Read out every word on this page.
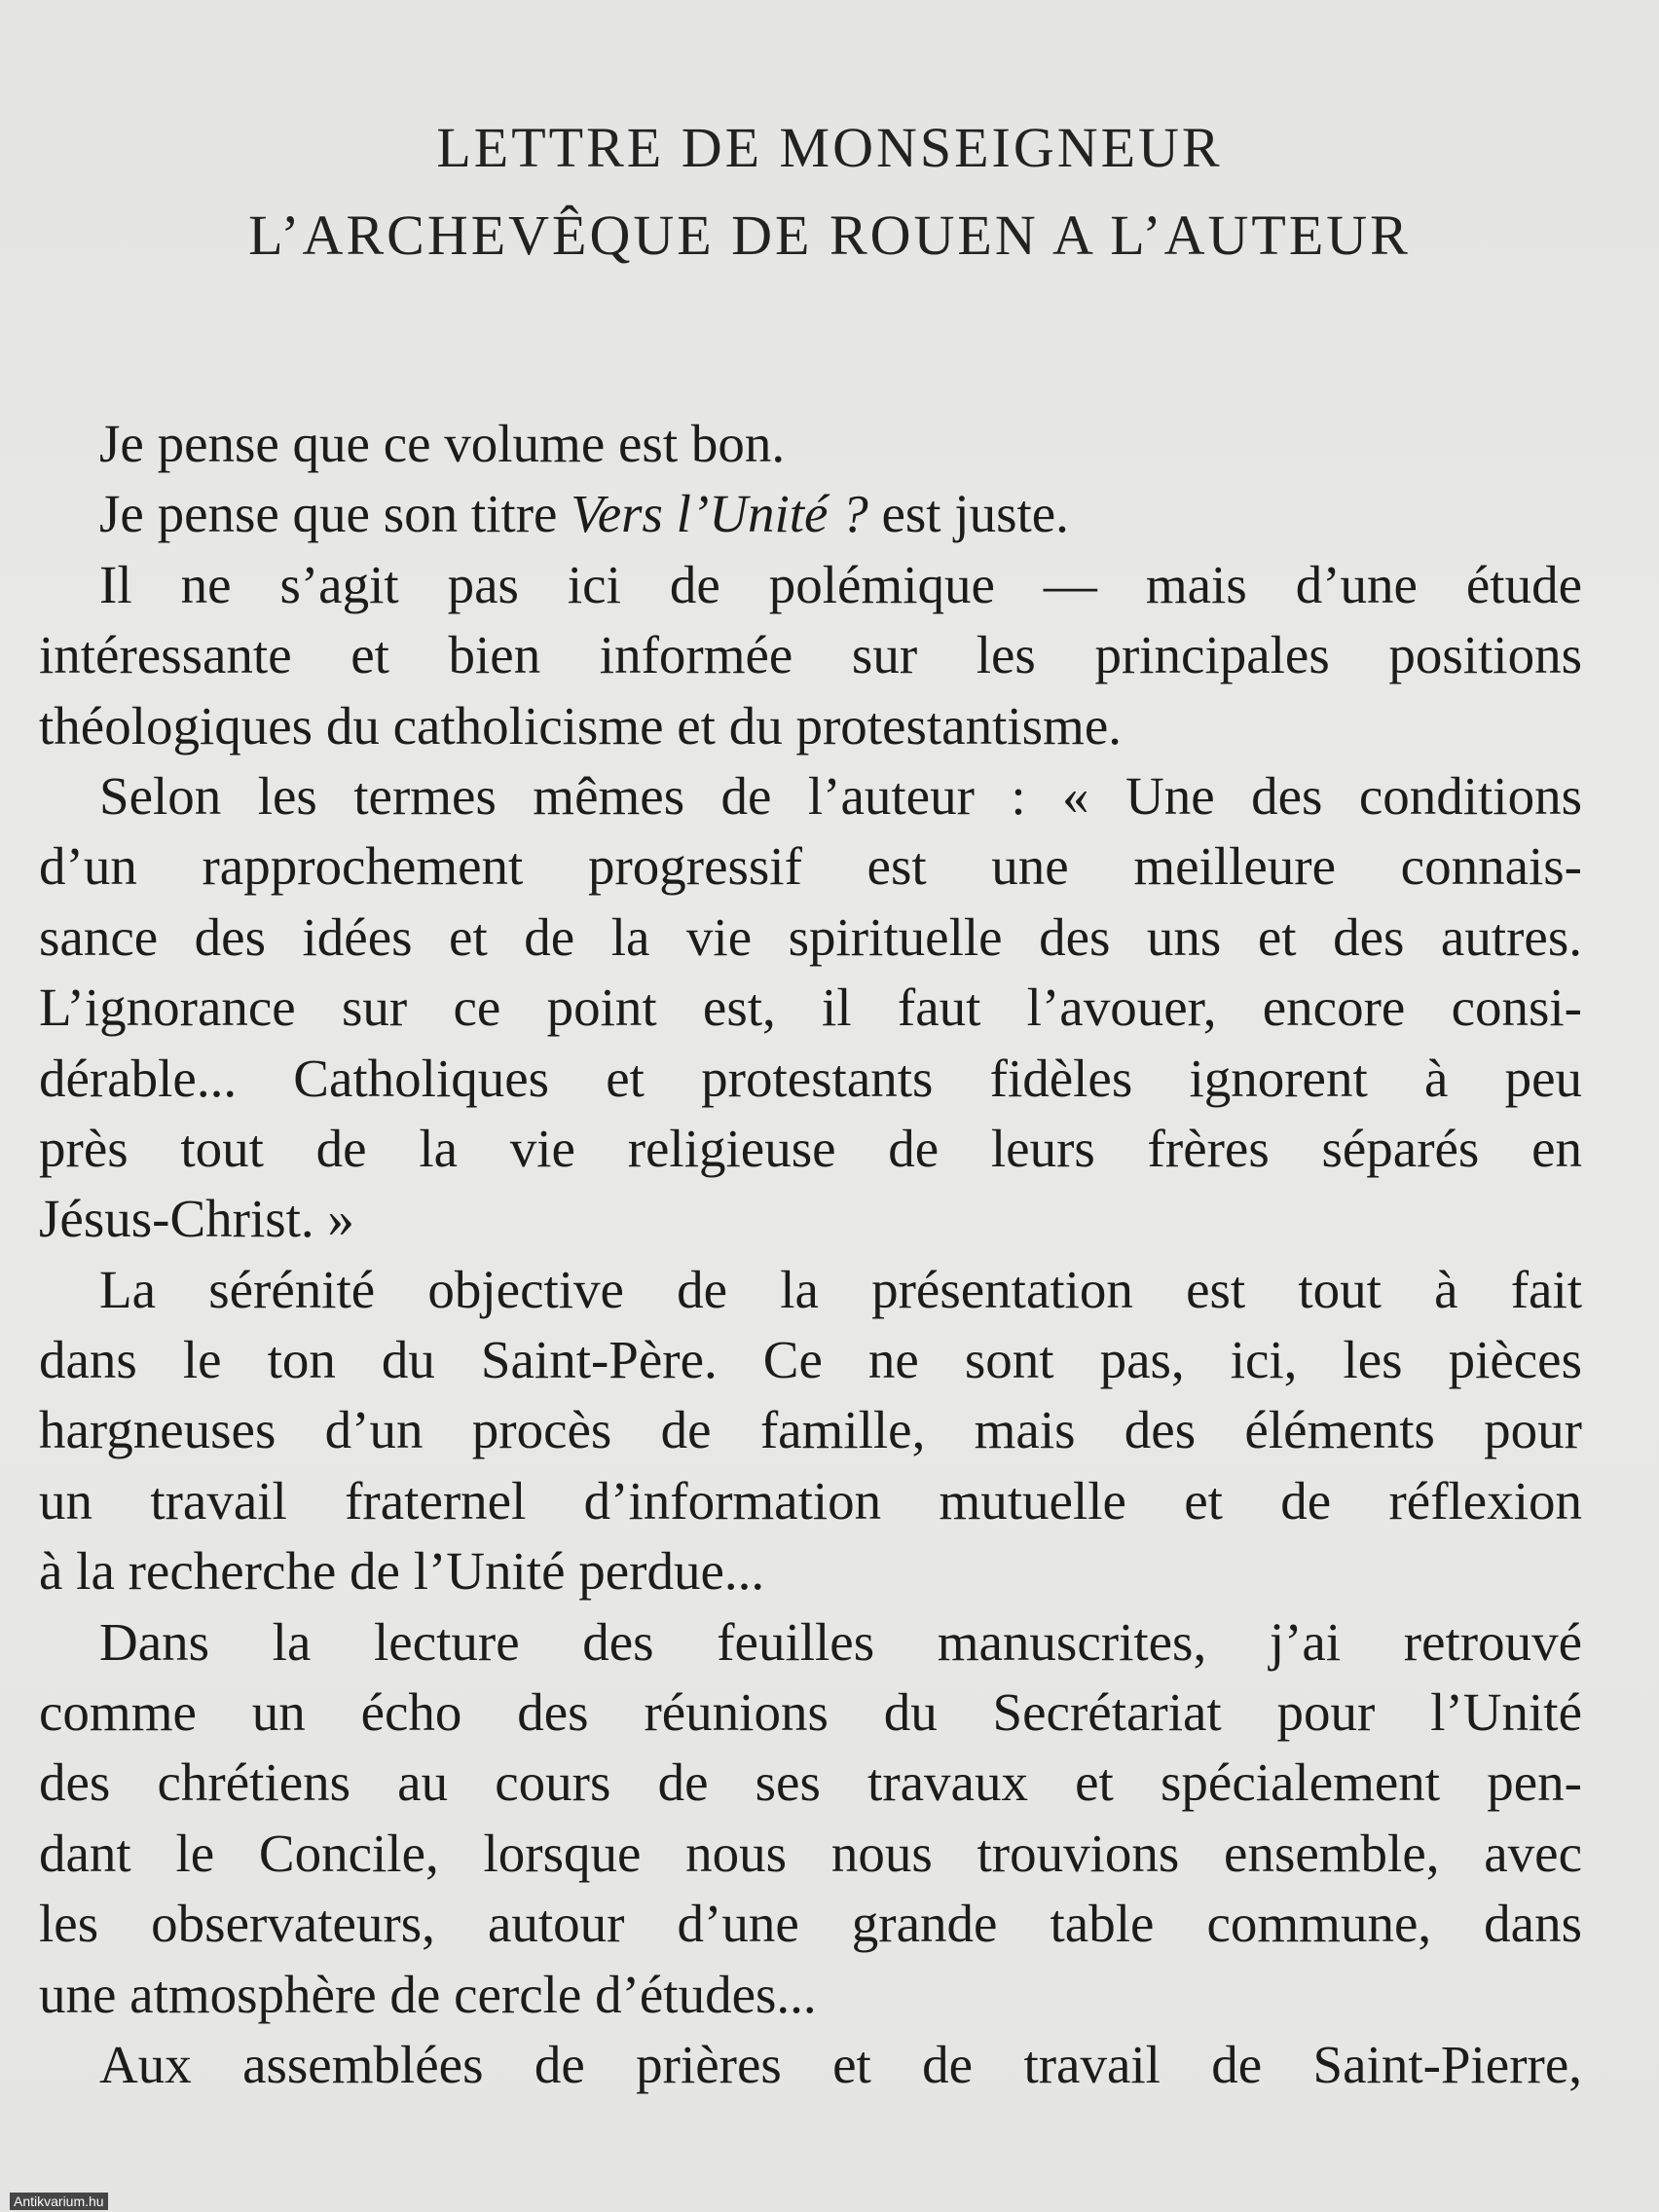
LETTRE DE MONSEIGNEUR
L’ARCHEVÊQUE DE ROUEN A L’AUTEUR
Je pense que ce volume est bon.
Je pense que son titre Vers l’Unité ? est juste.
Il ne s’agit pas ici de polémique — mais d’une étude
intéressante et bien informée sur les principales positions
théologiques du catholicisme et du protestantisme.
Selon les termes mêmes de l’auteur : « Une des conditions
d’un rapprochement progressif est une meilleure connais-
sance des idées et de la vie spirituelle des uns et des autres.
L’ignorance sur ce point est, il faut l’avouer, encore consi-
dérable... Catholiques et protestants fidèles ignorent à peu
près tout de la vie religieuse de leurs frères séparés en
Jésus-Christ. »
La sérénité objective de la présentation est tout à fait
dans le ton du Saint-Père. Ce ne sont pas, ici, les pièces
hargneuses d’un procès de famille, mais des éléments pour
un travail fraternel d’information mutuelle et de réflexion
à la recherche de l’Unité perdue...
Dans la lecture des feuilles manuscrites, j’ai retrouvé
comme un écho des réunions du Secrétariat pour l’Unité
des chrétiens au cours de ses travaux et spécialement pen-
dant le Concile, lorsque nous nous trouvions ensemble, avec
les observateurs, autour d’une grande table commune, dans
une atmosphère de cercle d’études...
Aux assemblées de prières et de travail de Saint-Pierre,
Antikvarium.hu
